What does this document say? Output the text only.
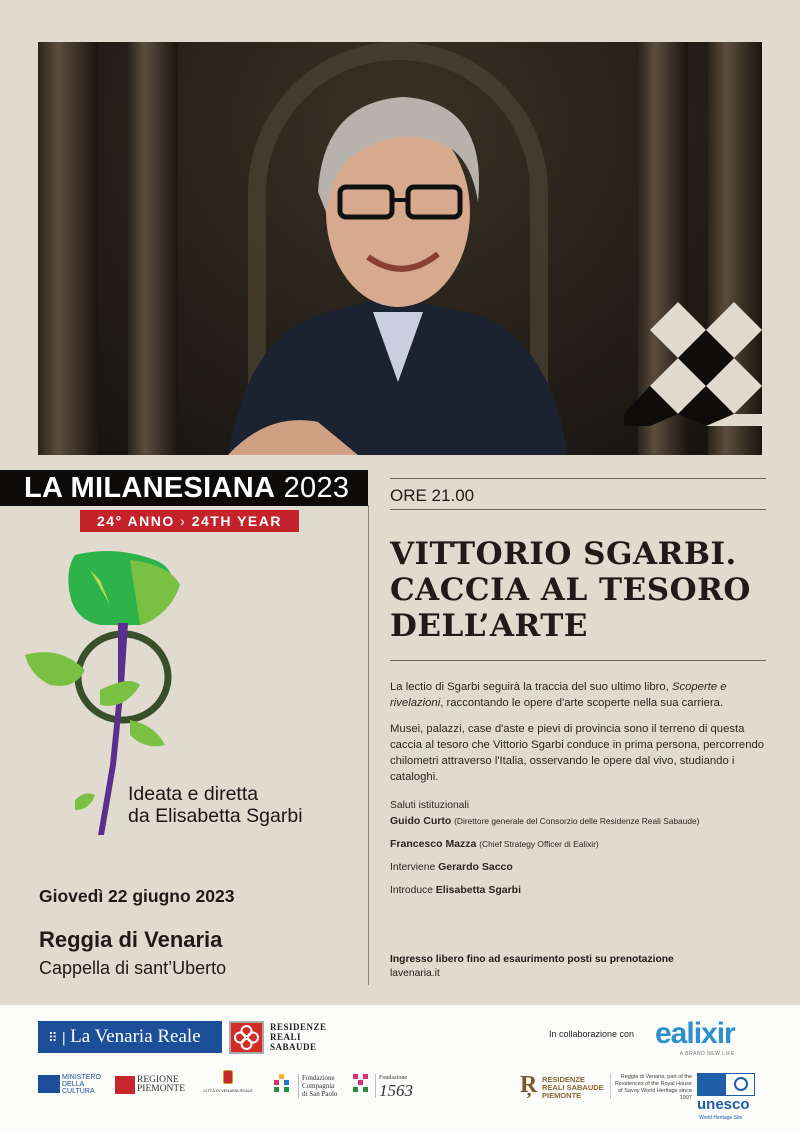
LA MILANESIANA 2023
24° ANNO › 24TH YEAR
ORE 21.00
VITTORIO SGARBI.
CACCIA AL TESORO
DELL’ARTE

La lectio di Sgarbi seguirà la traccia del suo ultimo libro, Scoperte e rivelazioni, raccontando le opere d'arte scoperte nella sua carriera.

Musei, palazzi, case d'aste e pievi di provincia sono il terreno di questa caccia al tesoro che Vittorio Sgarbi conduce in prima persona, percorrendo chilometri attraverso l'Italia, osservando le opere dal vivo, studiando i cataloghi.

Saluti istituzionali
Guido Curto (Direttore generale del Consorzio delle Residenze Reali Sabaude)
Francesco Mazza (Chief Strategy Officer di Ealixir)
Interviene Gerardo Sacco
Introduce Elisabetta Sgarbi
Ingresso libero fino ad esaurimento posti su prenotazione
lavenaria.it
Ideata e diretta
da Elisabetta Sgarbi
Giovedì 22 giugno 2023
Reggia di Venaria
Cappella di sant’Uberto
⠿ | La Venaria Reale	RESIDENZE
REALI
SABAUDE
MINISTERO
DELLA
CULTURA
REGIONE
PIEMONTE	CITTÀ DI VENARIA REALE
Fondazione
Compagnia
di San Paolo
Fondazione
1563
In collaborazione con ealixir
A BRAND NEW LIFE
Ŗ RESIDENZE
REALI SABAUDE
PIEMONTE
Reggia di Venaria, part of the Residences of the Royal House of Savoy World Heritage since 1997 unesco
World Heritage Site
